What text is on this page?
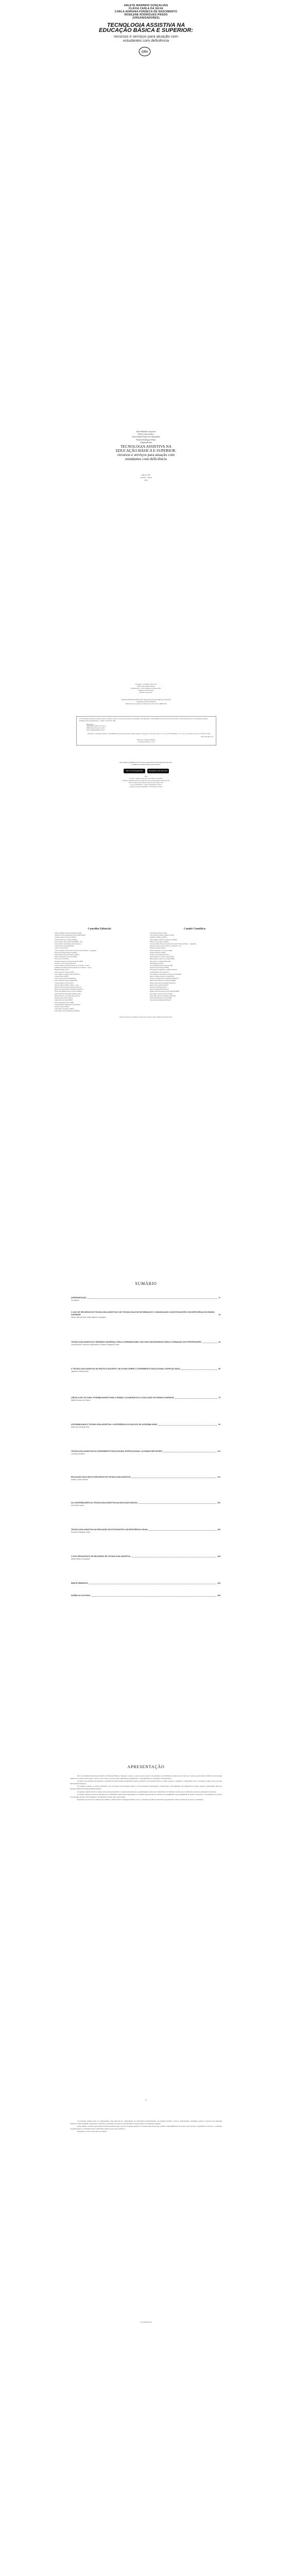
ARLETE MARINHO GONÇALVES
FLÁVIA CARLA DA SILVA
CARLA ADRIANA FONSECA DE NASCIMENTO
ROSILENE RODRIGUES PRADO
(ORGANIZADORES)
TECNOLOGIA ASSISTIVA NA
EDUCAÇÃO BÁSICA E SUPERIOR:
recursos e serviços para atuação com
estudantes com deficiência
CRV
Arlete Marinho Gonçalves
Flávia Carla da Silva
Carla Adriana Fonseca do Nascimento
Rosilene Rodrigues Prado
(Organizadoras)
TECNOLOGIA ASSISTIVA NA
EDUCAÇÃO BÁSICA E SUPERIOR:
recursos e serviços para atuação com
estudantes com deficiência
Editora CRV
Curitiba – Brasil
2022
Copyright © da Editora CRV Ltda.
Editor-chefe: Railson Moura
Diagramação e Capa: Designers da Editora CRV
Imagem de Capa: Pexels
Revisão: Os Autores
DADOS INTERNACIONAIS DE CATALOGAÇÃO NA PUBLICAÇÃO (CIP)
CATALOGAÇÃO NA FONTE
Bibliotecária responsável: Luzenira Alves dos Santos CRB9/1506
T255 Tecnologia assistiva na educação básica e superior: recursos e serviços para atuação com estudantes com deficiência / Arlete Marinho Gonçalves, Flávia Carla da Silva, Carla Adriana Fonseca do Nascimento, Rosilene Rodrigues Prado (organizadoras) – Curitiba : CRV, 2022. 198 p.
Bibliografia
ISBN Digital 978-65-251-2161-3
ISBN Físico 978-65-251-2163-7
DOI 10.24824/978652512163.7
1. Educação 2. Tecnologia assistiva 3. Acessibilidade 4. Educação especial 5. Ensino superior I. Gonçalves, A. M. org. II. Silva, F. C. da. org. III. Nascimento, C. A. F. do. org. IV. Prado, R. R. org. V. Título VI. Série.
CDU 376 CDD 371.9
Índice para catálogo sistemático
1. Educação especial – 371.9
ESTA OBRA TAMBÉM SE ENCONTRA DISPONÍVEL EM FORMATO DIGITAL.
CONHEÇA E BAIXE NOSSO APLICATIVO!
GET IT ON Google Play	Download on the App Store
2022
Foi feito o depósito legal conf. Lei 10.994 de 14/12/2004
Proibida a reprodução parcial ou total desta obra sem autorização da Editora CRV
Todos os direitos desta edição reservados pela: Editora CRV
Tel.: (41) 3039-6418 – E-mail: sac@editoracrv.com.br
Conheça os nossos lançamentos: www.editoracrv.com.br
Conselho Editorial:
Aldira Guimarães Duarte Domínguez (UNB)
Andréia da Silva Quintanilha Sousa (UNIR/UFRN)
Anselmo Alencar Colares (UFOPA)
Antônio Pereira Gaio Júnior (UFRRJ)
Carlos Alberto Vilar Estêvão (UMINHO – PT)
Carlos Federico Dominguez Avila (Unieuro)
Carmen Tereza Velanga (UNIR)
Celso Conti (UFSCar)
Cesar Gerónimo Tello (Univer. Nacional Três de Febrero – Argentina)
Eduardo Fernandes Barbosa (UFMG)
Elione Maria Nogueira Diogenes (UFAL)
Elizeu Clementino de Souza (UNEB)
Élsio José Corá (UFFS)
Fernando Antônio Gonçalves Alcoforado (IPB)
Francisco Carlos Duarte (PUC-PR)
Gloria Fariñas León (Universidade de La Havana – Cuba)
Guillermo Arias Beatón (Universidade de La Havana – Cuba)
Helmuth Krüger (UCP)
Jailson Alves dos Santos (UFRJ)
João Adalberto Campato Junior (UNESP)
Josania Portela (UFPI)
Leonel Severo Rocha (UNISINOS)
Lídia de Oliveira Xavier (UNIEURO)
Lourdes Helena da Silva (UFV)
Marcelo Paixão (UFRJ e UTexas – US)
Maria Cristina dos Santos Bezerra (UFSCar)
Maria de Lourdes Pinto de Almeida (UNOESC)
Maria Lília Imbiriba Sousa Colares (UFOPA)
Paulo Romualdo Hernandes (UNIFAL-MG)
Renato Francisco dos Santos Paula (UFG)
Rodrigo Pratte-Santos (UFES)
Sergio Nunes de Jesus (IFRO)
Simone Rodrigues Pinto (UNB)
Solange Helena Ximenes-Rocha (UFOPA)
Sydione Santos (UEPG)
Tadeu Oliver Gonçalves (UFPA)
Tania Suely Azevedo Brasileiro (UFOPA)
Comitê Científico:
Altair Alberto Fávero (UPF)
Ana Chrystina Venancio Mignot (UERJ)
Andréia N. Militão (UEMS)
Anna Augusta Sampaio de Oliveira (UNESP)
Barbara Coelho Neves (UFBA)
Cesar Gerónimo Tello (Universidad Nacional de Três de Febrero – Argentina)
Diosnel Centurion (Univ Americ. de Asunción – Py)
Eliane Rose Maio (UEM)
Elizeu Clementino de Souza (UNEB)
Fauston Negreiros (UFPI)
Francisco Ari de Andrade (UFC)
Gláucia Maria dos Santos Jorge (UFOP)
Helder Buenos Aires de Carvalho (UFPI)
Ilma Passos A. Veiga (UNICEUB)
Inês Bragança (UERJ)
José de Ribamar Sousa Pereira (UCB)
Jussara Fraga Portugal (UNEB)
Kilwangy Kya Kapitango-a-Samba (Unemat)
Lourdes Helena da Silva (UFV)
Lucia Marisy Souza Ribeiro de Oliveira (UNIVASF)
Marcos Vinicius Francisco (UNOESTE)
Maria de Lourdes Pinto de Almeida (UNOESC)
Maria Eurácia Barreto de Andrade (UFRB)
Maria Lurdes Pinto de Almeida (UNOESC)
Marcia Alves da Silva (UFPel)
Nilson José Machado (USP)
Paulo Fossatti (UNILASALLE)
Regina Célia Faria Amaro Giora (MACKENZIE)
Rosa Maria Corrêa das Neves (UFPA)
Sinara Mota Neves de Almeida (UNILAB)
Tânia Elisa Morales Garcia (UFSM)
Vanessa Neves Beltrame (UFRGS)
Este livro passou por avaliação e aprovação às cegas de dois ou mais pareceristas ad hoc.
SUMÁRIO
APRESENTAÇÃO	11
Os autores
O USO DE RECURSOS DE TECNOLOGIA ASSISTIVA E DE TECNOLOGIAS DE INFORMAÇÃO E COMUNICAÇÃO COM ESTUDANTES COM DEFICIÊNCIA NO ENSINO SUPERIOR	15
Flávia Carla da Silva, Arlete Marinho Gonçalves
TECNOLOGIA ASSISTIVA E DESENHO UNIVERSAL PARA A APRENDIZAGEM: DIÁLOGOS NECESSÁRIOS PARA A FORMAÇÃO DOS PROFESSORES	33
Carla Adriana Fonseca do Nascimento, Rosilene Rodrigues Prado
A TECNOLOGIA ASSISTIVA NA PRÁTICA DOCENTE: UM OLHAR SOBRE O ATENDIMENTO EDUCACIONAL ESPECIALIZADO	55
Jaqueline Oliveira Alves
CÍRCULO DE CULTURA: POSSIBILIDADES PARA O ENSINO COLABORATIVO E A INCLUSÃO NO ENSINO SUPERIOR	75
Marília Gomes dos Santos
ACESSIBILIDADE E TECNOLOGIA ASSISTIVA: A EXPERIÊNCIA DO NÚCLEO DE ACESSIBILIDADE	93
Maria da Conceição Reis
TECNOLOGIA ASSISTIVA NO ATENDIMENTO EDUCACIONAL ESPECIALIZADO: ALGUMAS REFLEXÕES	113
Lucivaldo Monteiro
EDUCAÇÃO INCLUSIVA E RECURSOS DE TECNOLOGIA ASSISTIVA	131
Antônio Carlos Oliveira
AS CONTRIBUIÇÕES DA TECNOLOGIA ASSISTIVA NA EDUCAÇÃO BÁSICA	151
Ana Paula Cunha
TECNOLOGIA ASSISTIVA NA EDUCAÇÃO DE ESTUDANTES COM DEFICIÊNCIA VISUAL	169
Rosilene Rodrigues Prado
O USO PEDAGÓGICO DE RECURSOS DE TECNOLOGIA ASSISTIVA	183
Arlete Marinho Gonçalves
ÍNDICE REMISSIVO	193
SOBRE AS AUTORAS	195
APRESENTAÇÃO

Esta obra intitulada Tecnologia Assistiva na Educação Básica e Superior: recursos e serviços para atuação com estudantes com deficiência, reúne textos de autores e autoras que discutem a temática da tecnologia assistiva no contexto educacional, com foco nos recursos e serviços que possibilitam a participação e a aprendizagem dos estudantes com deficiência.

Os textos são resultantes de pesquisas e experiências desenvolvidas em diferentes espaços educativos, da educação básica ao ensino superior, e refletem o compromisso com a construção de uma escola e de uma universidade inclusivas.

No primeiro capítulo, as autoras discutem o uso de recursos de tecnologia assistiva e de tecnologias de informação e comunicação com estudantes com deficiência no ensino superior, apresentando dados de pesquisa realizada em uma instituição pública.

O segundo capítulo aborda a relação entre tecnologia assistiva e desenho universal para a aprendizagem, destacando a importância da formação docente para a efetivação de práticas pedagógicas inclusivas.

Os demais capítulos tratam de experiências no atendimento educacional especializado, do trabalho desenvolvido por núcleos de acessibilidade, das possibilidades do ensino colaborativo e da utilização de recursos de tecnologia assistiva com estudantes com deficiência visual, entre outros temas.

Esperamos que esta obra contribua para ampliar o debate sobre a tecnologia assistiva e para a construção de práticas educativas que garantam o direito à educação de todos os estudantes.

11

A tecnologia assistiva deve ser compreendida como uma área do conhecimento de característica interdisciplinar, que engloba produtos, recursos, metodologias, estratégias, práticas e serviços que objetivam promover a funcionalidade, relacionada à atividade e participação de pessoas com deficiência, incapacidades ou mobilidade reduzida.

Nesse sentido, os textos aqui reunidos buscam evidenciar que o uso da tecnologia assistiva no contexto educacional não se limita à disponibilização de recursos, mas envolve a organização de serviços, a formação de profissionais e a articulação entre os diferentes sujeitos do processo educativo.

Desejamos a todos e todas uma boa leitura!

As organizadoras
